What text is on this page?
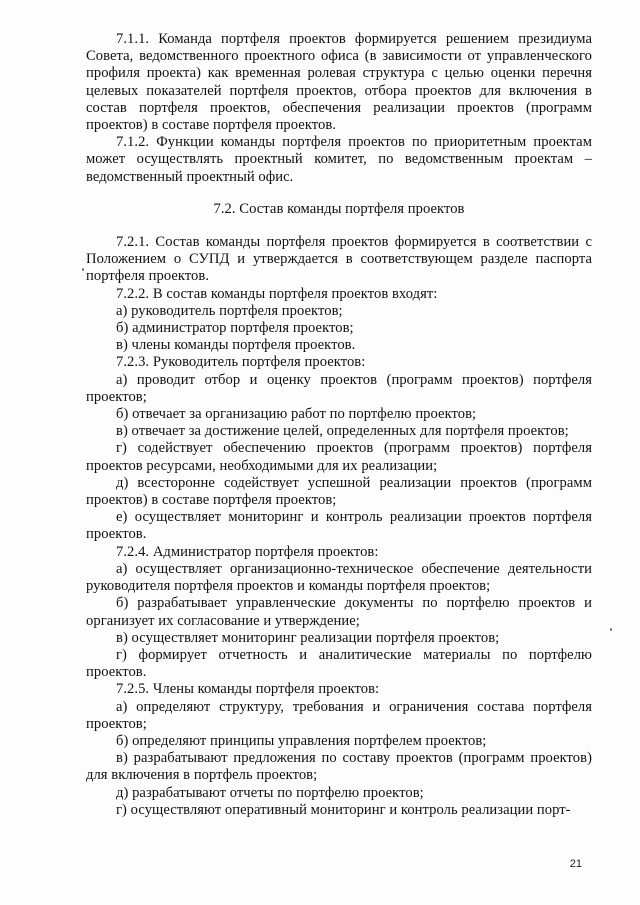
7.1.1. Команда портфеля проектов формируется решением президиума Совета, ведомственного проектного офиса (в зависимости от управленческого профиля проекта) как временная ролевая структура с целью оценки перечня целевых показателей портфеля проектов, отбора проектов для включения в состав портфеля проектов, обеспечения реализации проектов (программ проектов) в составе портфеля проектов.

7.1.2. Функции команды портфеля проектов по приоритетным проектам может осуществлять проектный комитет, по ведомственным проектам – ведомственный проектный офис.

7.2. Состав команды портфеля проектов

7.2.1. Состав команды портфеля проектов формируется в соответствии с Положением о СУПД и утверждается в соответствующем разделе паспорта портфеля проектов.

7.2.2. В состав команды портфеля проектов входят:

а) руководитель портфеля проектов;

б) администратор портфеля проектов;

в) члены команды портфеля проектов.

7.2.3. Руководитель портфеля проектов:

а) проводит отбор и оценку проектов (программ проектов) портфеля проектов;

б) отвечает за организацию работ по портфелю проектов;

в) отвечает за достижение целей, определенных для портфеля проектов;

г) содействует обеспечению проектов (программ проектов) портфеля проектов ресурсами, необходимыми для их реализации;

д) всесторонне содействует успешной реализации проектов (программ проектов) в составе портфеля проектов;

е) осуществляет мониторинг и контроль реализации проектов портфеля проектов.

7.2.4. Администратор портфеля проектов:

а) осуществляет организационно-техническое обеспечение деятельности руководителя портфеля проектов и команды портфеля проектов;

б) разрабатывает управленческие документы по портфелю проектов и организует их согласование и утверждение;

в) осуществляет мониторинг реализации портфеля проектов;

г) формирует отчетность и аналитические материалы по портфелю проектов.

7.2.5. Члены команды портфеля проектов:

а) определяют структуру, требования и ограничения состава портфеля проектов;

б) определяют принципы управления портфелем проектов;

в) разрабатывают предложения по составу проектов (программ проектов) для включения в портфель проектов;

д) разрабатывают отчеты по портфелю проектов;

г) осуществляют оперативный мониторинг и контроль реализации порт-

21
